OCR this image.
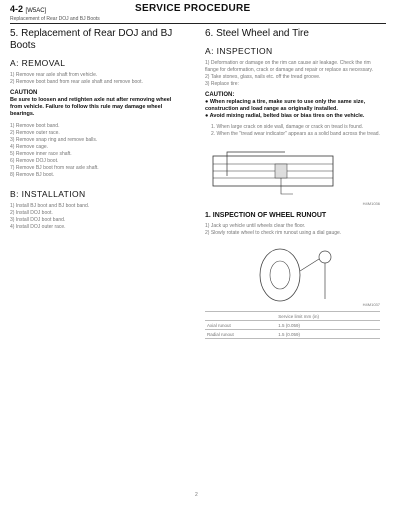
4-2 [W5AC]	SERVICE PROCEDURE
Replacement of Rear DOJ and BJ Boots
5. Replacement of Rear DOJ and BJ Boots
A: REMOVAL

1) Remove rear axle shaft from vehicle.

2) Remove boot band from rear axle shaft and remove boot.

CAUTION

Be sure to loosen and retighten axle nut after removing wheel from vehicle. Failure to follow this rule may damage wheel bearings.

1) Remove boot band.
2) Remove outer race.
3) Remove snap ring and remove balls.
4) Remove cage.
5) Remove inner race shaft.
6) Remove DOJ boot.
7) Remove BJ boot from rear axle shaft.
8) Remove BJ boot.
B: INSTALLATION
1) Install BJ boot and BJ boot band.
2) Install DOJ boot.
3) Install DOJ boot band.
4) Install DOJ outer race.
6. Steel Wheel and Tire
A: INSPECTION

1) Deformation or damage on the rim can cause air leakage. Check the rim flange for deformation, crack or damage and repair or replace as necessary.

2) Take stones, glass, nails etc. off the tread groove.

3) Replace tire:

CAUTION:
● When replacing a tire, make sure to use only the same size, construction and load range as originally installed.
● Avoid mixing radial, belted bias or bias tires on the vehicle.
1. When large crack on side wall, damage or crack on tread is found.
2. When the "tread wear indicator" appears as a solid band across the tread.
H4M1036
1. INSPECTION OF WHEEL RUNOUT

1) Jack up vehicle until wheels clear the floor.

2) Slowly rotate wheel to check rim runout using a dial gauge.

H4M1037
	Service limit mm (in)
Axial runout	1.5 (0.059)
Radial runout	1.5 (0.059)
2
